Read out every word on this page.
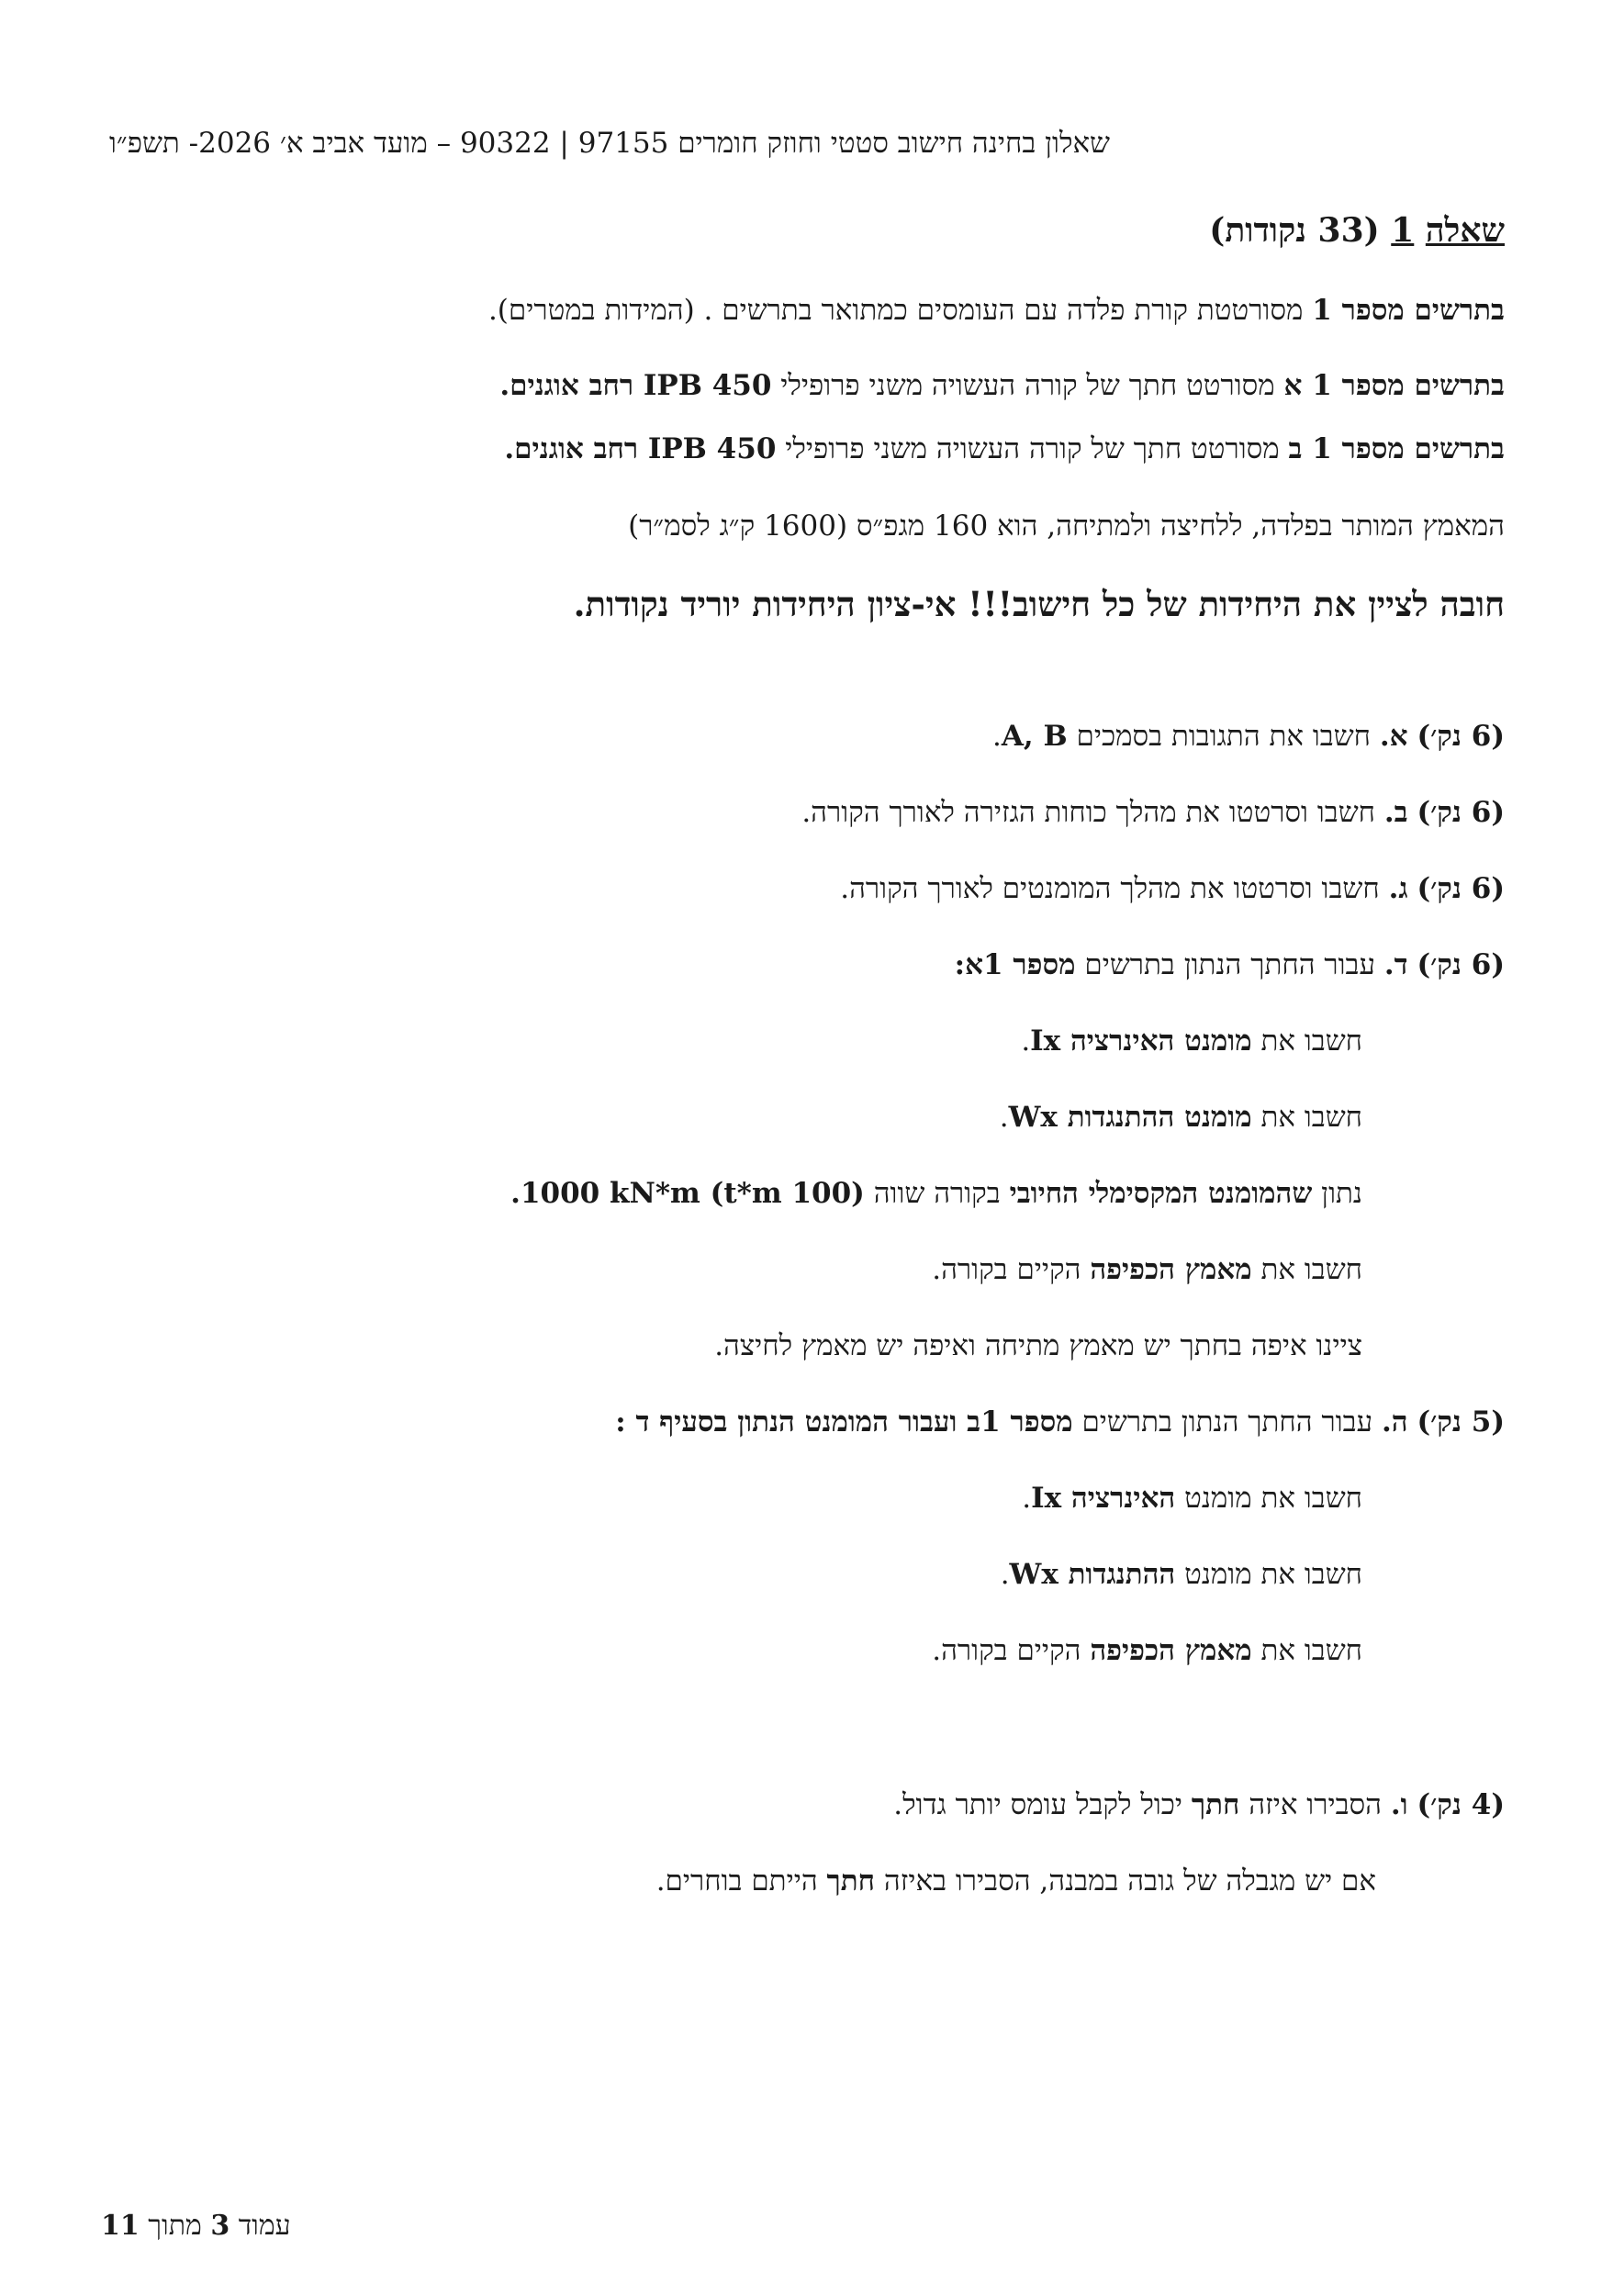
שאלון בחינה חישוב סטטי וחוזק חומרים 97155 | 90322 – מועד אביב א׳ 2026- תשפ״ו
שאלה 1 (33 נקודות)
בתרשים מספר 1 מסורטטת קורת פלדה עם העומסים כמתואר בתרשים . (המידות במטרים).
בתרשים מספר 1 א מסורטט חתך של קורה העשויה משני פרופילי IPB 450 רחב אוגנים.
בתרשים מספר 1 ב מסורטט חתך של קורה העשויה משני פרופילי IPB 450 רחב אוגנים.
המאמץ המותר בפלדה, ללחיצה ולמתיחה, הוא 160 מגפ״ס (1600 ק״ג לסמ״ר)
חובה לציין את היחידות של כל חישוב!!! אי-ציון היחידות יוריד נקודות.
(6 נק׳) א. חשבו את התגובות בסמכים A, B.
(6 נק׳) ב. חשבו וסרטטו את מהלך כוחות הגזירה לאורך הקורה.
(6 נק׳) ג. חשבו וסרטטו את מהלך המומנטים לאורך הקורה.
(6 נק׳) ד. עבור החתך הנתון בתרשים מספר 1א:
חשבו את מומנט האינרציה Ix.
חשבו את מומנט ההתנגדות Wx.
נתון שהמומנט המקסימלי החיובי בקורה שווה (100 t*m) 1000 kN*m.
חשבו את מאמץ הכפיפה הקיים בקורה.
ציינו איפה בחתך יש מאמץ מתיחה ואיפה יש מאמץ לחיצה.
(5 נק׳) ה. עבור החתך הנתון בתרשים מספר 1ב ועבור המומנט הנתון בסעיף ד :
חשבו את מומנט האינרציה Ix.
חשבו את מומנט ההתנגדות Wx.
חשבו את מאמץ הכפיפה הקיים בקורה.
(4 נק׳) ו. הסבירו איזה חתך יכול לקבל עומס יותר גדול.
אם יש מגבלה של גובה במבנה, הסבירו באיזה חתך הייתם בוחרים.
עמוד 3 מתוך 11
